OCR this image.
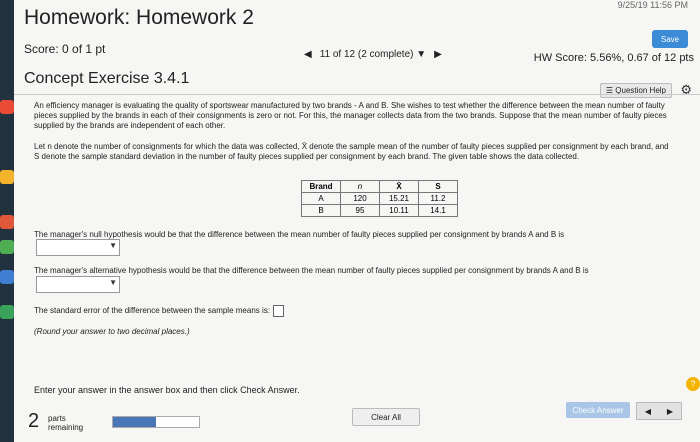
9/25/19 11:56 PM
Homework: Homework 2
Save
Score: 0 of 1 pt	◀ 11 of 12 (2 complete) ▼ ▶	HW Score: 5.56%, 0.67 of 12 pts
Concept Exercise 3.4.1
☰ Question Help	⚙
An efficiency manager is evaluating the quality of sportswear manufactured by two brands - A and B. She wishes to test whether the difference between the mean number of faulty pieces supplied by the brands in each of their consignments is zero or not. For this, the manager collects data from the two brands. Suppose that the mean number of faulty pieces supplied by the brands are independent of each other.
Let n denote the number of consignments for which the data was collected, X̄ denote the sample mean of the number of faulty pieces supplied per consignment by each brand, and S denote the sample standard deviation in the number of faulty pieces supplied per consignment by each brand. The given table shows the data collected.
Brand	n	X̄	S
A	120	15.21	11.2
B	95	10.11	14.1
The manager's null hypothesis would be that the difference between the mean number of faulty pieces supplied per consignment by brands A and B is
▼
The manager's alternative hypothesis would be that the difference between the mean number of faulty pieces supplied per consignment by brands A and B is
▼
The standard error of the difference between the sample means is:
(Round your answer to two decimal places.)
?
Enter your answer in the answer box and then click Check Answer.
2 parts
remaining
Clear All
Check Answer	◀ ▶
